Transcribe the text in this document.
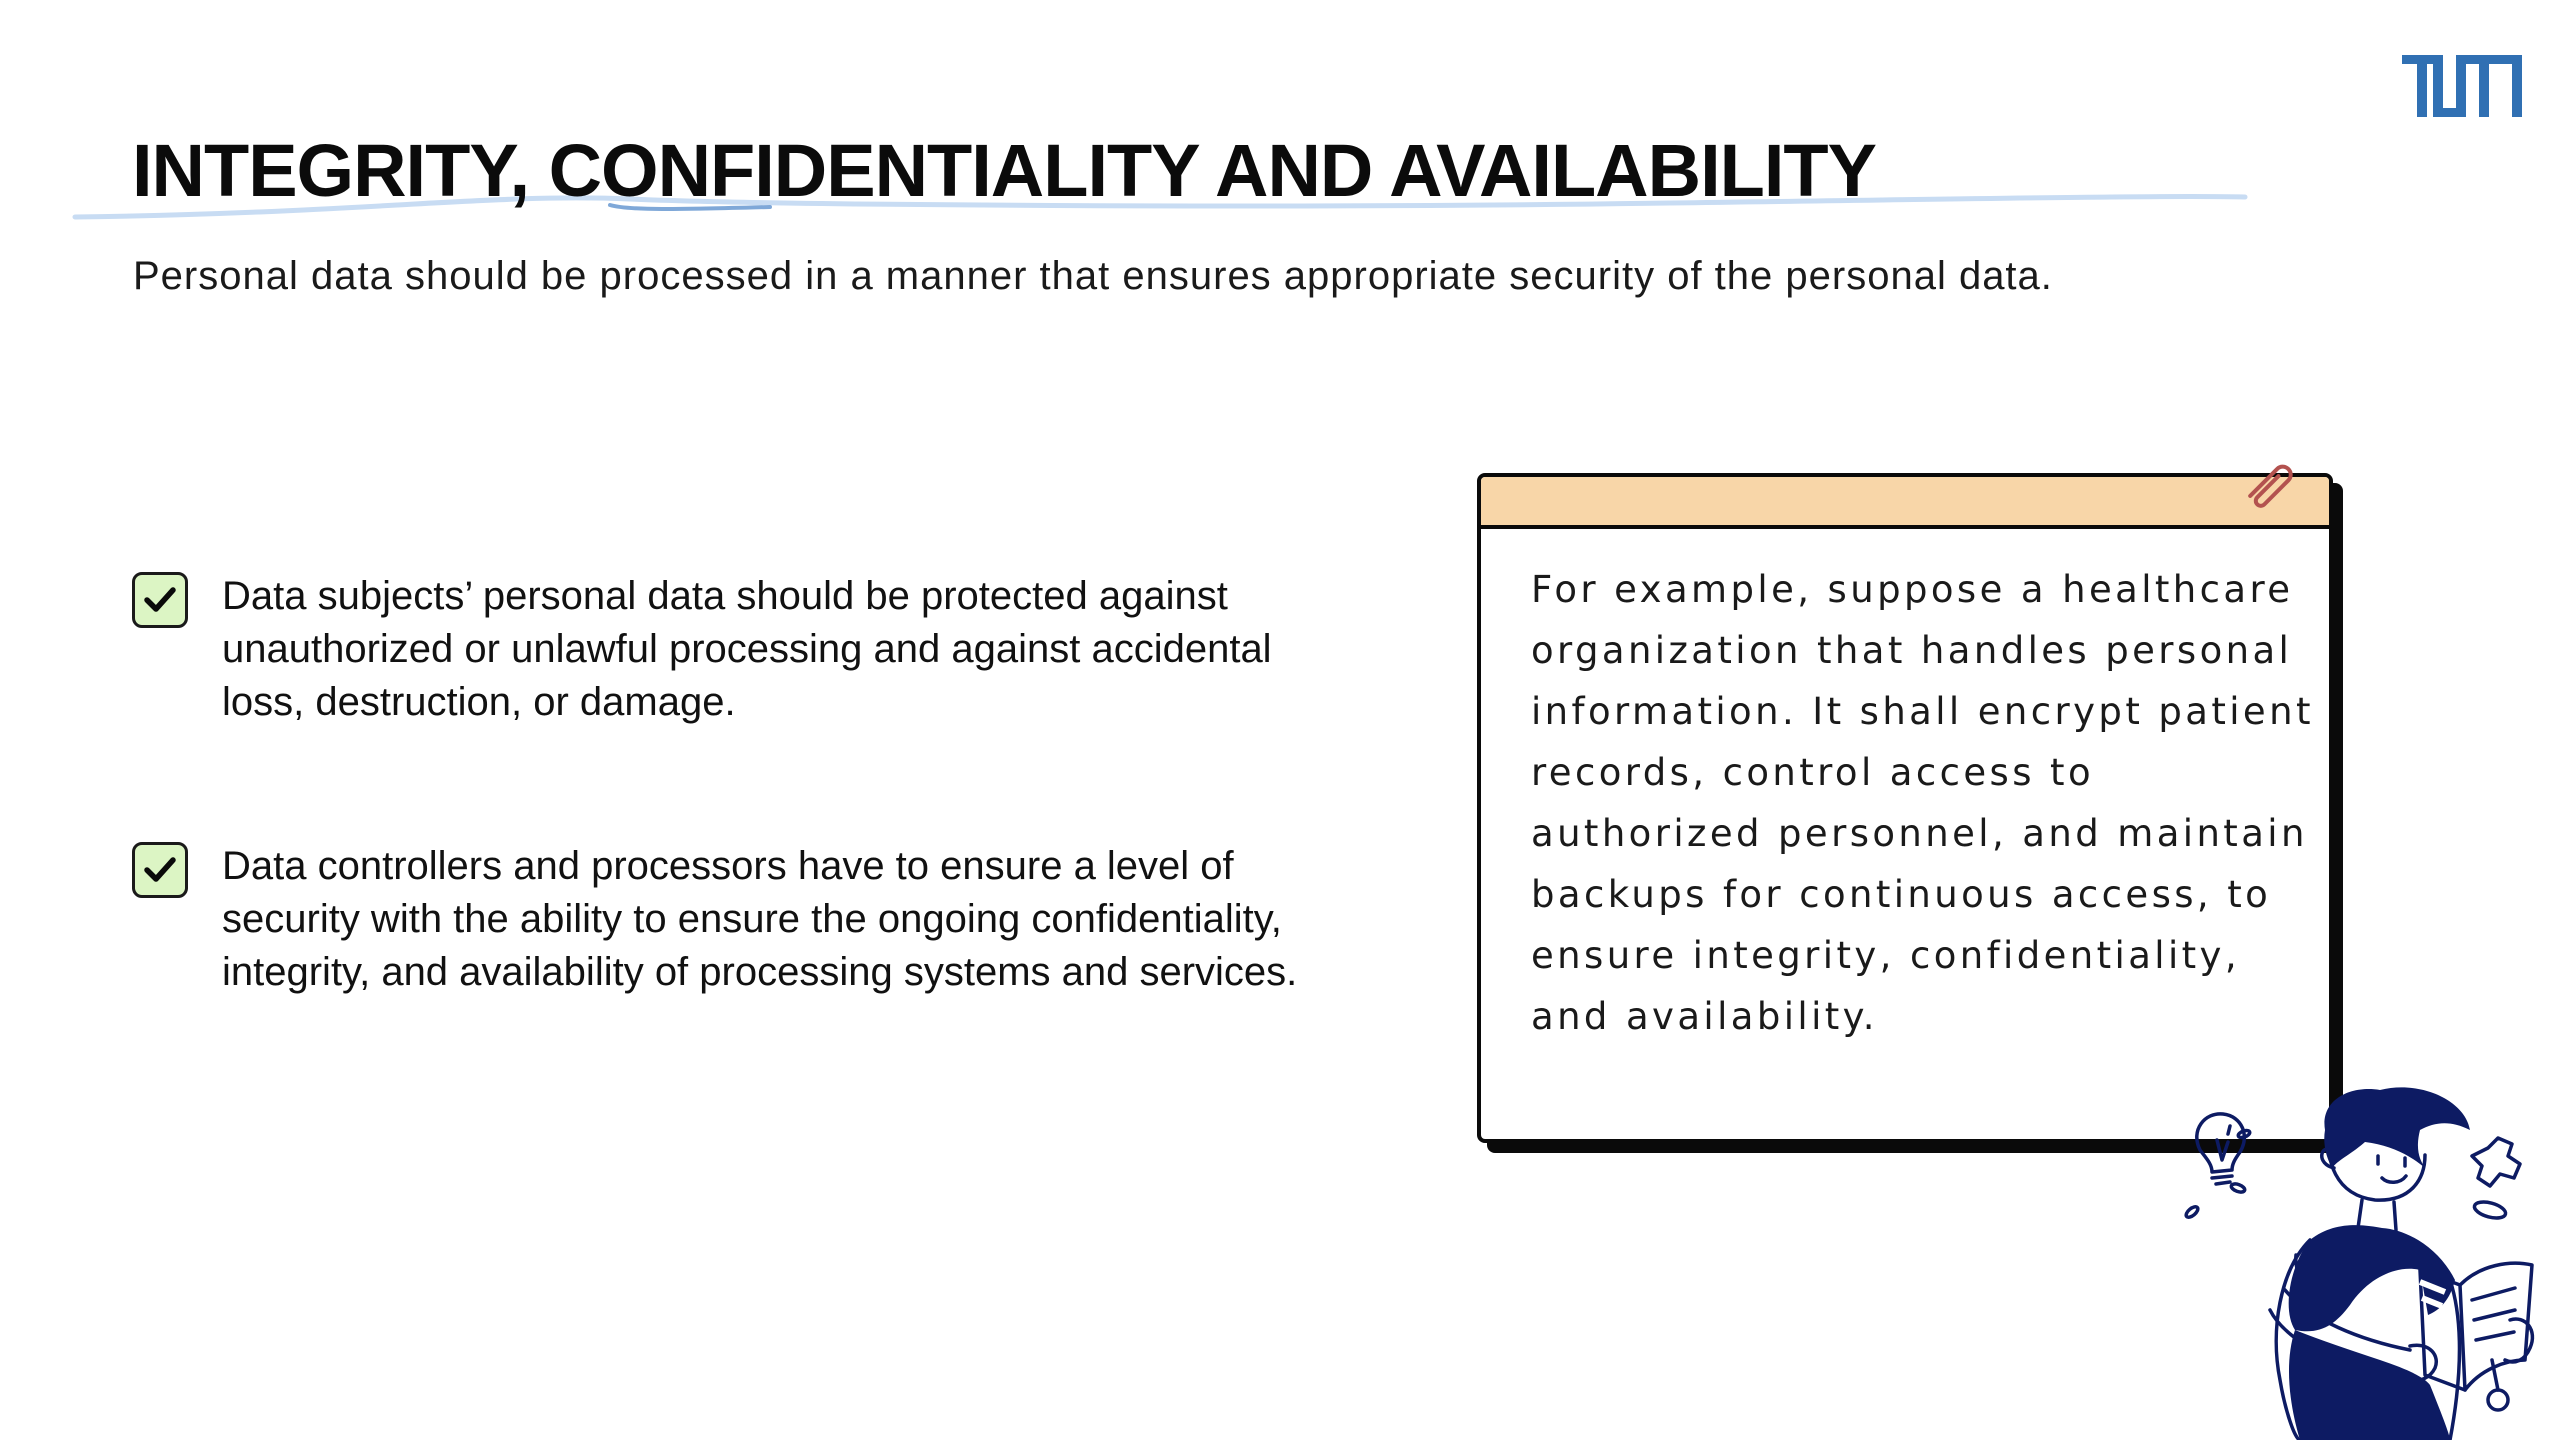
INTEGRITY, CONFIDENTIALITY AND AVAILABILITY

Personal data should be processed in a manner that ensures appropriate security of the personal data.

Data subjects’ personal data should be protected against unauthorized or unlawful processing and against accidental loss, destruction, or damage.

Data controllers and processors have to ensure a level of security with the ability to ensure the ongoing confidentiality, integrity, and availability of processing systems and services.

For example, suppose a healthcare organization that handles personal information. It shall encrypt patient records, control access to authorized personnel, and maintain backups for continuous access, to ensure integrity, confidentiality, and availability.
